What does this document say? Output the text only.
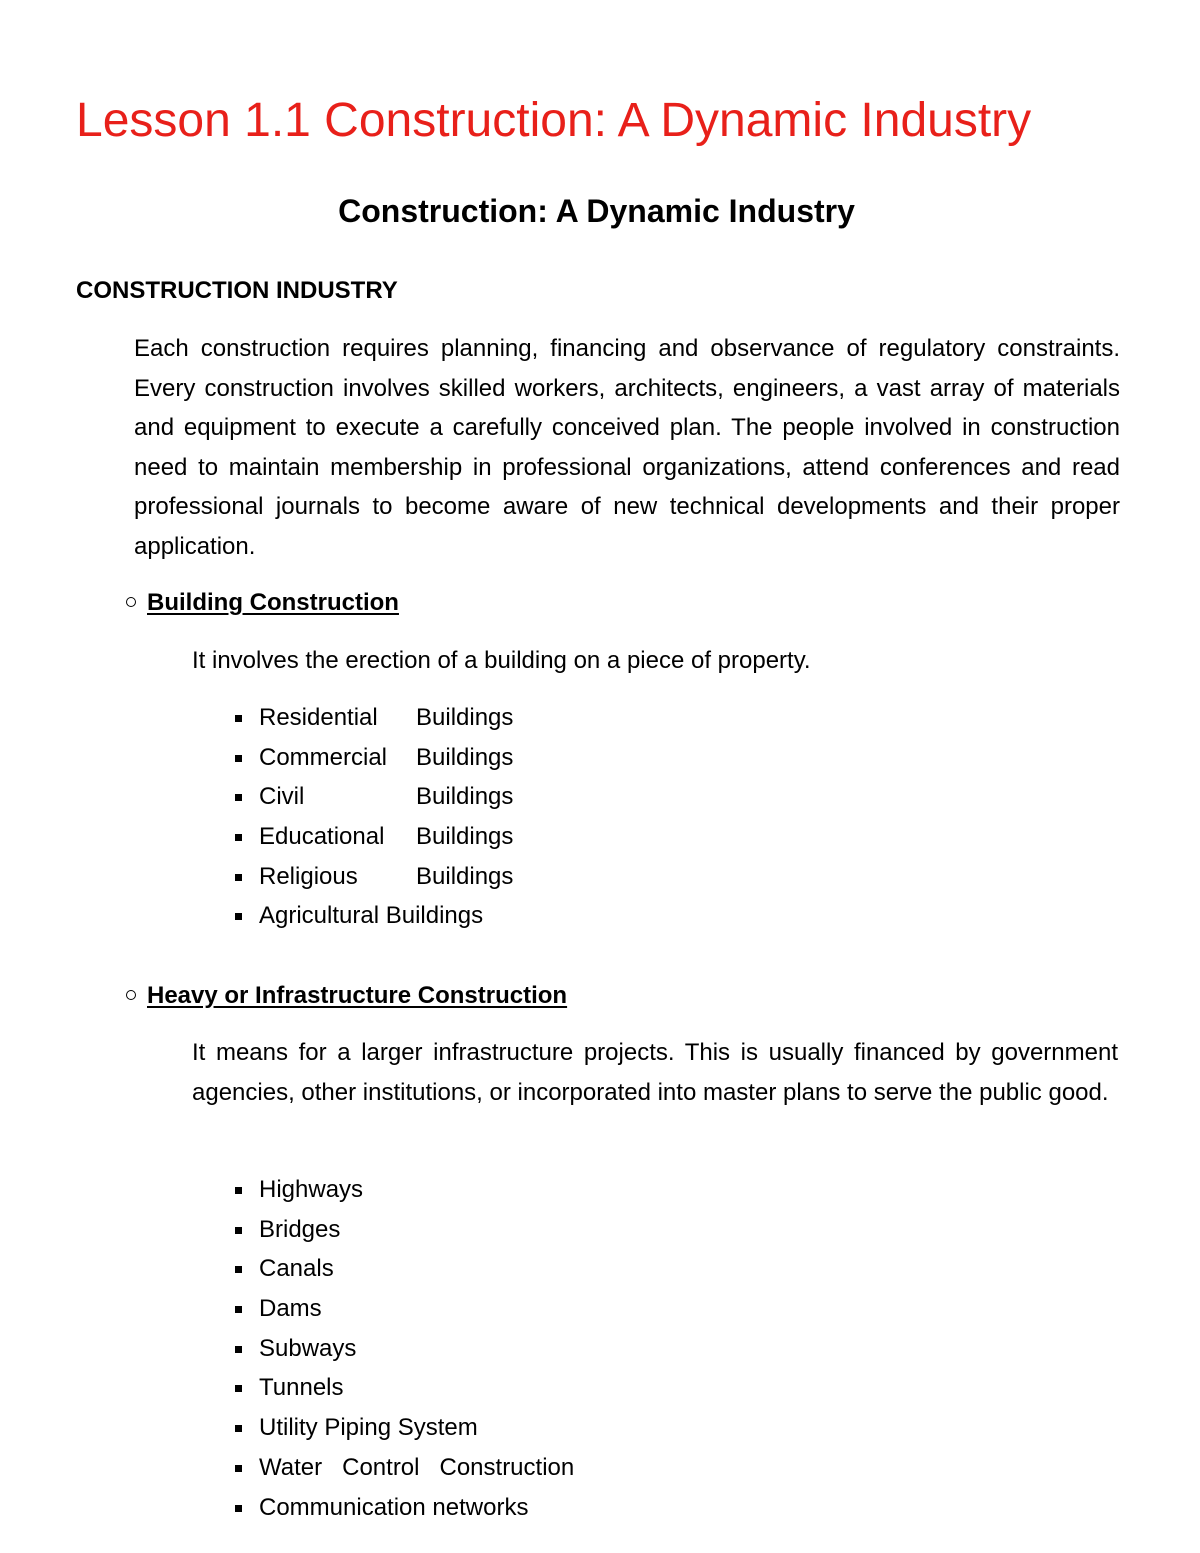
Lesson 1.1 Construction: A Dynamic Industry
Construction: A Dynamic Industry
CONSTRUCTION INDUSTRY

Each construction requires planning, financing and observance of regulatory constraints. Every construction involves skilled workers, architects, engineers, a vast array of materials and equipment to execute a carefully conceived plan. The people involved in construction need to maintain membership in professional organizations, attend conferences and read professional journals to become aware of new technical developments and their proper application.

Building Construction

It involves the erection of a building on a piece of property.

Residential Buildings
Commercial Buildings
Civil	Buildings
Educational Buildings
Religious Buildings
Agricultural Buildings
Heavy or Infrastructure Construction

It means for a larger infrastructure projects. This is usually financed by government agencies, other institutions, or incorporated into master plans to serve the public good.

Highways
Bridges
Canals
Dams
Subways
Tunnels
Utility Piping System
Water   Control   Construction
Communication networks
